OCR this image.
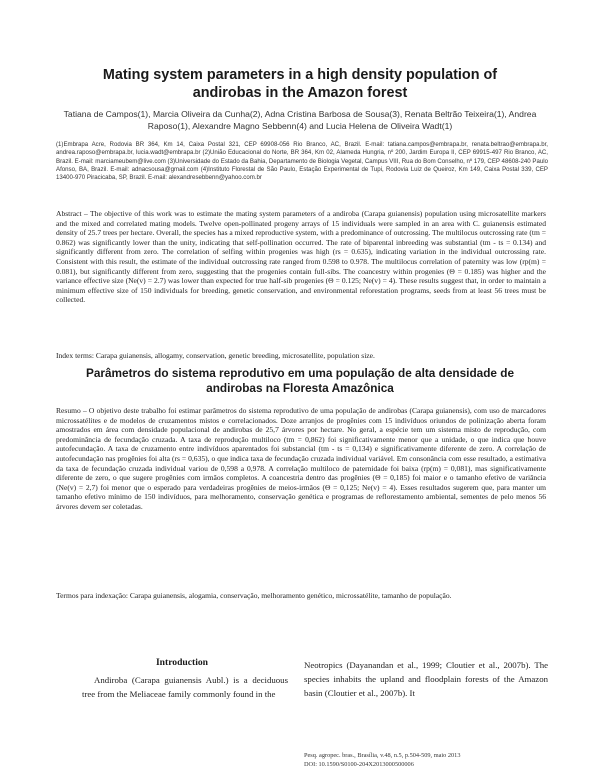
Mating system parameters in a high density population of andirobas in the Amazon forest
Tatiana de Campos(1), Marcia Oliveira da Cunha(2), Adna Cristina Barbosa de Sousa(3), Renata Beltrão Teixeira(1), Andrea Raposo(1), Alexandre Magno Sebbenn(4) and Lucia Helena de Oliveira Wadt(1)
(1)Embrapa Acre, Rodovia BR 364, Km 14, Caixa Postal 321, CEP 69908-056 Rio Branco, AC, Brazil. E-mail: tatiana.campos@embrapa.br, renata.beltrao@embrapa.br, andrea.raposo@embrapa.br, lucia.wadt@embrapa.br (2)União Educacional do Norte, BR 364, Km 02, Alameda Hungria, nº 200, Jardim Europa II, CEP 69915-497 Rio Branco, AC, Brazil. E-mail: marciameubem@live.com (3)Universidade do Estado da Bahia, Departamento de Biologia Vegetal, Campus VIII, Rua do Bom Conselho, nº 179, CEP 48608-240 Paulo Afonso, BA, Brazil. E-mail: adnacsousa@gmail.com (4)Instituto Florestal de São Paulo, Estação Experimental de Tupi, Rodovia Luiz de Queiroz, Km 149, Caixa Postal 339, CEP 13400-970 Piracicaba, SP, Brazil. E-mail: alexandresebbenn@yahoo.com.br
Abstract – The objective of this work was to estimate the mating system parameters of a andiroba (Carapa guianensis) population using microsatellite markers and the mixed and correlated mating models. Twelve open-pollinated progeny arrays of 15 individuals were sampled in an area with C. guianensis estimated density of 25.7 trees per hectare. Overall, the species has a mixed reproductive system, with a predominance of outcrossing. The multilocus outcrossing rate (tm = 0.862) was significantly lower than the unity, indicating that self-pollination occurred. The rate of biparental inbreeding was substantial (tm - ts = 0.134) and significantly different from zero. The correlation of selfing within progenies was high (rs = 0.635), indicating variation in the individual outcrossing rate. Consistent with this result, the estimate of the individual outcrossing rate ranged from 0.598 to 0.978. The multilocus correlation of paternity was low (rp(m) = 0.081), but significantly different from zero, suggesting that the progenies contain full-sibs. The coancestry within progenies (Θ = 0.185) was higher and the variance effective size (Ne(v) = 2.7) was lower than expected for true half-sib progenies (Θ = 0.125; Ne(v) = 4). These results suggest that, in order to maintain a minimum effective size of 150 individuals for breeding, genetic conservation, and environmental reforestation programs, seeds from at least 56 trees must be collected.
Index terms: Carapa guianensis, allogamy, conservation, genetic breeding, microsatellite, population size.
Parâmetros do sistema reprodutivo em uma população de alta densidade de andirobas na Floresta Amazônica
Resumo – O objetivo deste trabalho foi estimar parâmetros do sistema reprodutivo de uma população de andirobas (Carapa guianensis), com uso de marcadores microssatélites e de modelos de cruzamentos mistos e correlacionados. Doze arranjos de progênies com 15 indivíduos oriundos de polinização aberta foram amostrados em área com densidade populacional de andirobas de 25,7 árvores por hectare. No geral, a espécie tem um sistema misto de reprodução, com predominância de fecundação cruzada. A taxa de reprodução multiloco (tm = 0,862) foi significativamente menor que a unidade, o que indica que houve autofecundação. A taxa de cruzamento entre indivíduos aparentados foi substancial (tm - ts = 0,134) e significativamente diferente de zero. A correlação de autofecundação nas progênies foi alta (rs = 0,635), o que indica taxa de fecundação cruzada individual variável. Em consonância com esse resultado, a estimativa da taxa de fecundação cruzada individual variou de 0,598 a 0,978. A correlação multiloco de paternidade foi baixa (rp(m) = 0,081), mas significativamente diferente de zero, o que sugere progênies com irmãos completos. A coancestria dentro das progênies (Θ = 0,185) foi maior e o tamanho efetivo de variância (Ne(v) = 2,7) foi menor que o esperado para verdadeiras progênies de meios-irmãos (Θ = 0,125; Ne(v) = 4). Esses resultados sugerem que, para manter um tamanho efetivo mínimo de 150 indivíduos, para melhoramento, conservação genética e programas de reflorestamento ambiental, sementes de pelo menos 56 árvores devem ser coletadas.
Termos para indexação: Carapa guianensis, alogamia, conservação, melhoramento genético, microssatélite, tamanho de população.
Introduction
Andiroba (Carapa guianensis Aubl.) is a deciduous tree from the Meliaceae family commonly found in the
Neotropics (Dayanandan et al., 1999; Cloutier et al., 2007b). The species inhabits the upland and floodplain forests of the Amazon basin (Cloutier et al., 2007b). It
Pesq. agropec. bras., Brasília, v.48, n.5, p.504-509, maio 2013
DOI: 10.1590/S0100-204X2013000500006
